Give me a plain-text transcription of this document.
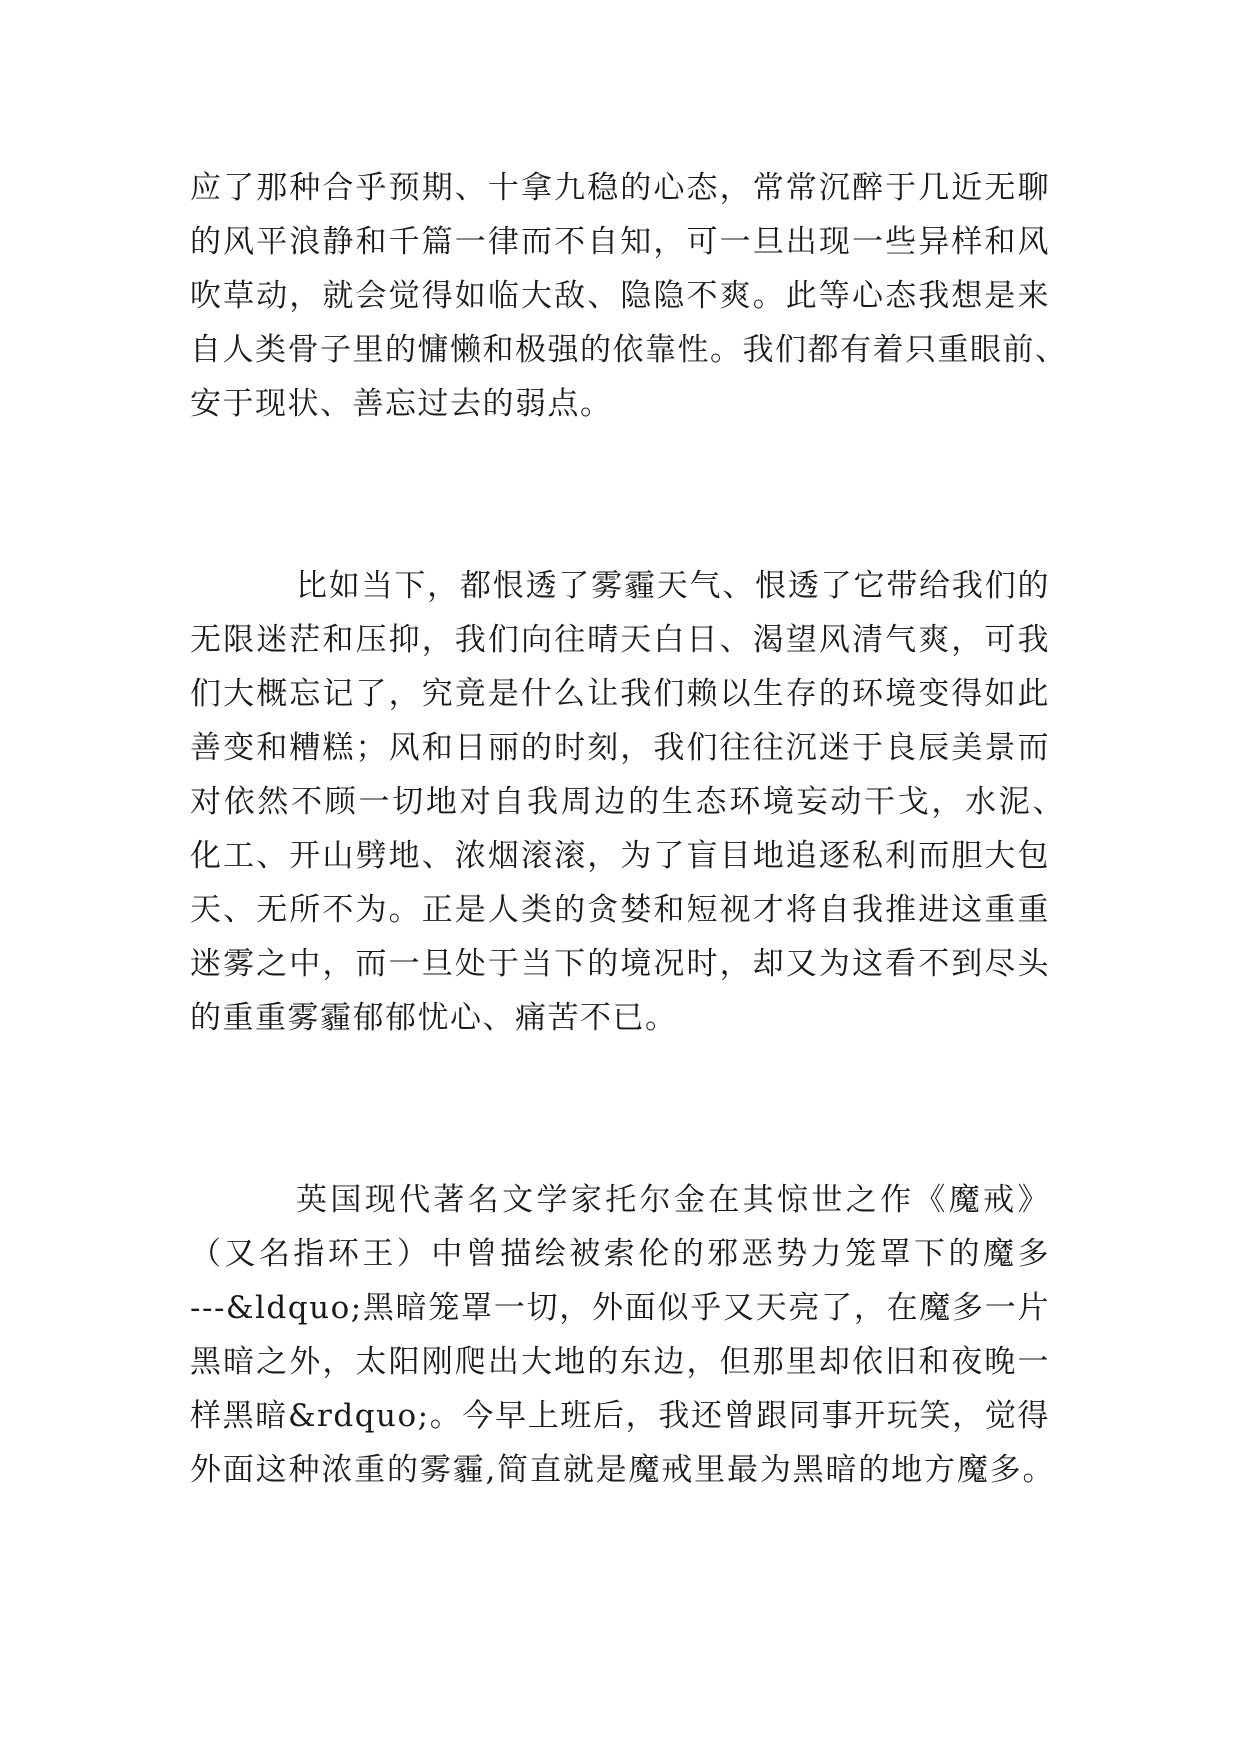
应了那种合乎预期、十拿九稳的心态，常常沉醉于几近无聊
的风平浪静和千篇一律而不自知，可一旦出现一些异样和风
吹草动，就会觉得如临大敌、隐隐不爽。此等心态我想是来
自人类骨子里的慵懒和极强的依靠性。我们都有着只重眼前、
安于现状、善忘过去的弱点。
比如当下，都恨透了雾霾天气、恨透了它带给我们的
无限迷茫和压抑，我们向往晴天白日、渴望风清气爽，可我
们大概忘记了，究竟是什么让我们赖以生存的环境变得如此
善变和糟糕；风和日丽的时刻，我们往往沉迷于良辰美景而
对依然不顾一切地对自我周边的生态环境妄动干戈，水泥、
化工、开山劈地、浓烟滚滚，为了盲目地追逐私利而胆大包
天、无所不为。正是人类的贪婪和短视才将自我推进这重重
迷雾之中，而一旦处于当下的境况时，却又为这看不到尽头
的重重雾霾郁郁忧心、痛苦不已。
英国现代著名文学家托尔金在其惊世之作《魔戒》
（又名指环王）中曾描绘被索伦的邪恶势力笼罩下的魔多
---&ldquo;黑暗笼罩一切，外面似乎又天亮了，在魔多一片
黑暗之外，太阳刚爬出大地的东边，但那里却依旧和夜晚一
样黑暗&rdquo;。今早上班后，我还曾跟同事开玩笑，觉得
外面这种浓重的雾霾,简直就是魔戒里最为黑暗的地方魔多。
